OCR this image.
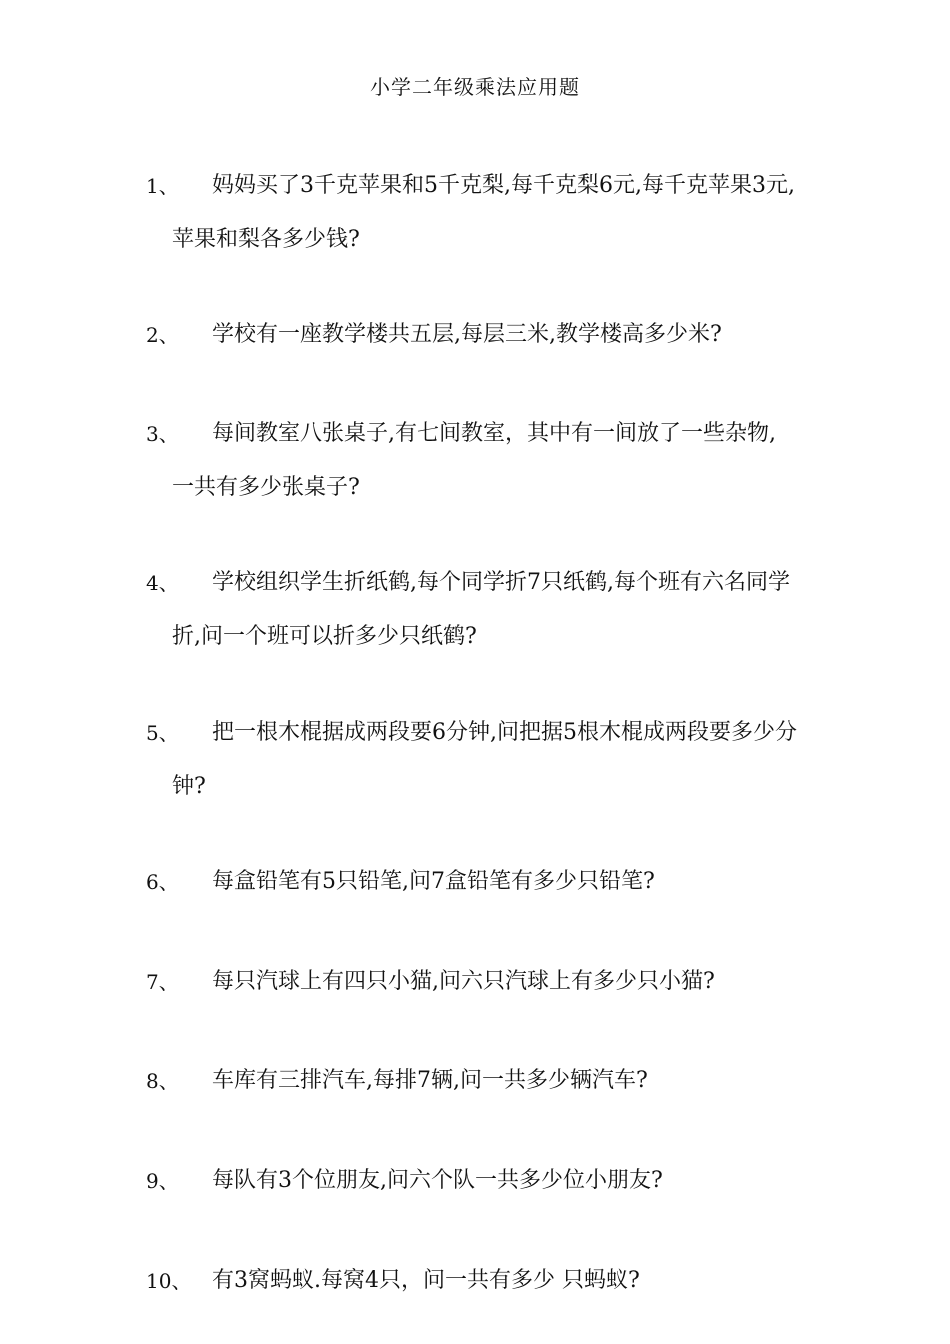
小学二年级乘法应用题
1、	妈妈买了3千克苹果和5千克梨,每千克梨6元,每千克苹果3元,
苹果和梨各多少钱?
2、	学校有一座教学楼共五层,每层三米,教学楼高多少米?
3、	每间教室八张桌子,有七间教室，其中有一间放了一些杂物,
一共有多少张桌子?
4、	学校组织学生折纸鹤,每个同学折7只纸鹤,每个班有六名同学
折,问一个班可以折多少只纸鹤?
5、	把一根木棍据成两段要6分钟,问把据5根木棍成两段要多少分
钟?
6、	每盒铅笔有5只铅笔,问7盒铅笔有多少只铅笔?
7、	每只汽球上有四只小猫,问六只汽球上有多少只小猫?
8、	车库有三排汽车,每排7辆,问一共多少辆汽车?
9、	每队有3个位朋友,问六个队一共多少位小朋友?
10、 有3窝蚂蚁.每窝4只，问一共有多少 只蚂蚁?
